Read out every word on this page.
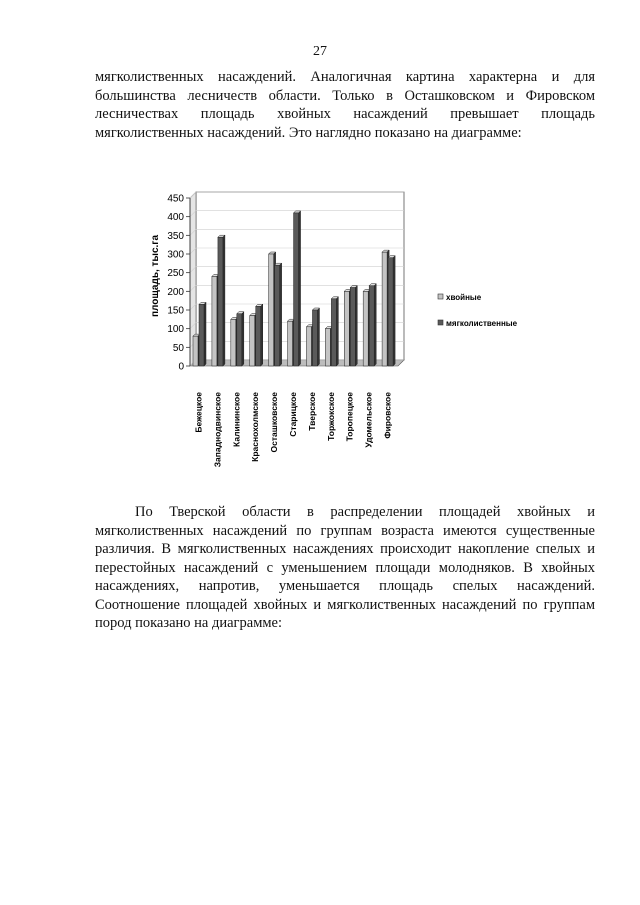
27
мягколиственных насаждений. Аналогичная картина характерна и для
большинства лесничеств области. Только в Осташковском и Фировском
лесничествах площадь хвойных насаждений превышает площадь
мягколиственных насаждений. Это наглядно показано на диаграмме:
0
50
100
150
200
250
300
350
400
450
Бежецкое Западнодвинское Калининское Краснохолмское Осташковское Старицкое Тверское Торжокское Торопецкое Удомельское Фировское
площадь, тыс.га	хвойные
мягколиственные
По Тверской области в распределении площадей хвойных и
мягколиственных насаждений по группам возраста имеются существенные
различия. В мягколиственных насаждениях происходит накопление спелых и
перестойных насаждений с уменьшением площади молодняков. В хвойных
насаждениях, напротив, уменьшается площадь спелых насаждений.
Соотношение площадей хвойных и мягколиственных насаждений по группам
пород показано на диаграмме:
